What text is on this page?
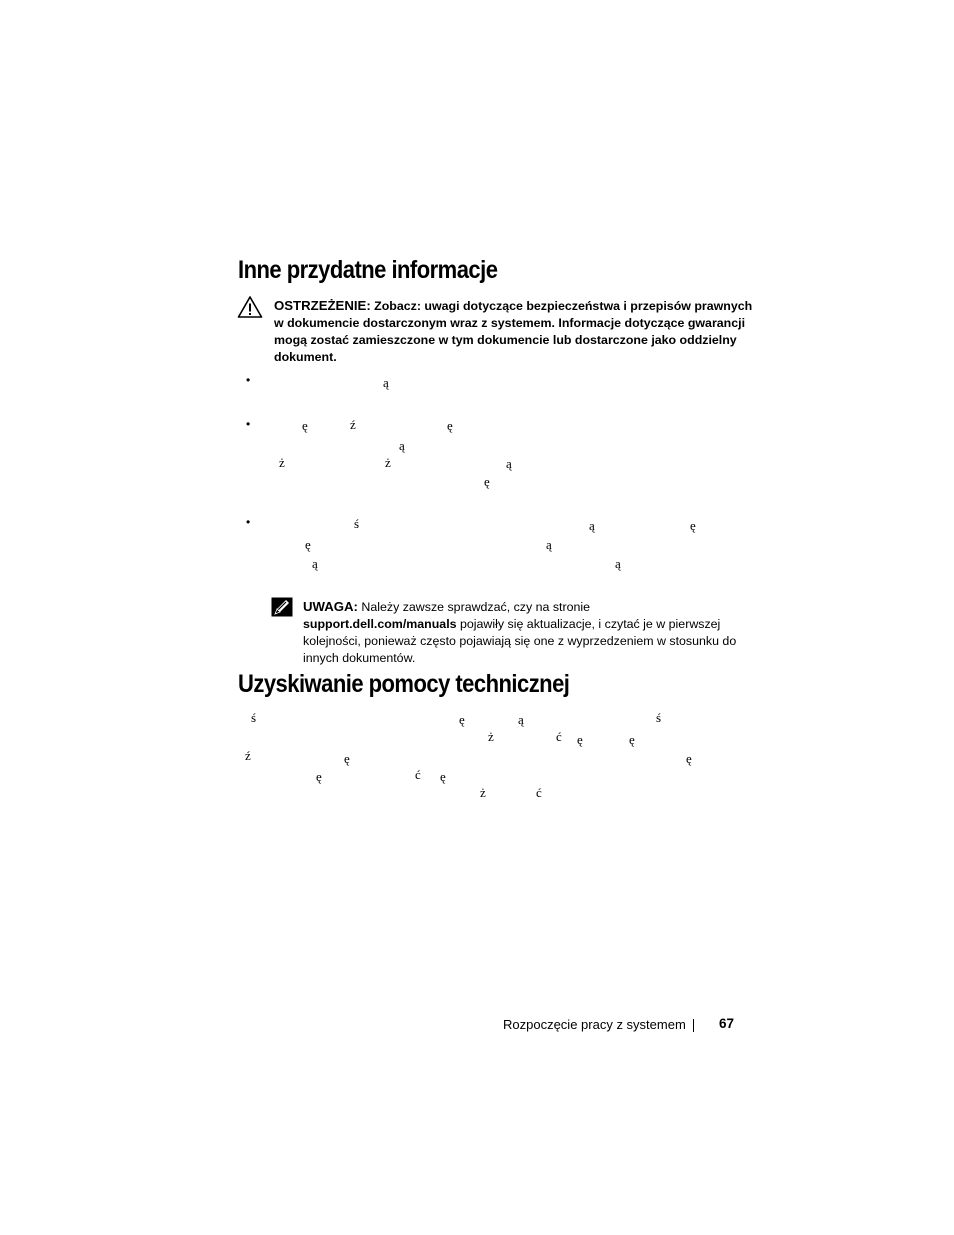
Inne przydatne informacje
OSTRZEŻENIE: Zobacz: uwagi dotyczące bezpieczeństwa i przepisów prawnych w dokumencie dostarczonym wraz z systemem. Informacje dotyczące gwarancji mogą zostać zamieszczone w tym dokumencie lub dostarczone jako oddzielny dokument.
•
•
•
ą
ę	ź	ę
ą
ż	ż	ą
ę
ś	ą	ę
ę	ą
ą	ą
UWAGA: Należy zawsze sprawdzać, czy na stronie support.dell.com/manuals pojawiły się aktualizacje, i czytać je w pierwszej kolejności, ponieważ często pojawiają się one z wyprzedzeniem w stosunku do innych dokumentów.
Uzyskiwanie pomocy technicznej
ś	ę	ą	ś
ż	ć ę	ę
ź	ę	ę
ę	ć ę
ż	ć
Rozpoczęcie pracy z systemem 67
